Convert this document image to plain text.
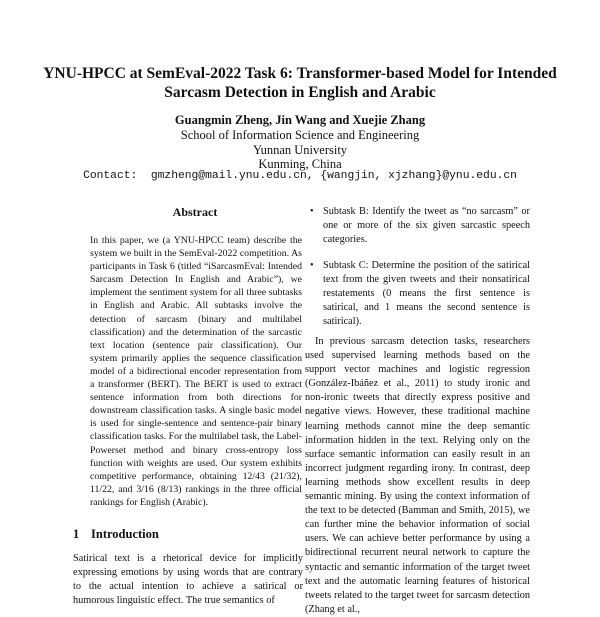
YNU-HPCC at SemEval-2022 Task 6: Transformer-based Model for Intended Sarcasm Detection in English and Arabic
Guangmin Zheng, Jin Wang and Xuejie Zhang
School of Information Science and Engineering
Yunnan University
Kunming, China
Contact:  gmzheng@mail.ynu.edu.cn, {wangjin, xjzhang}@ynu.edu.cn
Abstract

In this paper, we (a YNU-HPCC team) describe the system we built in the SemEval-2022 competition. As participants in Task 6 (titled “iSarcasmEval: Intended Sarcasm Detection In English and Arabic”), we implement the sentiment system for all three subtasks in English and Arabic. All subtasks involve the detection of sarcasm (binary and multilabel classification) and the determination of the sarcastic text location (sentence pair classification). Our system primarily applies the sequence classification model of a bidirectional encoder representation from a transformer (BERT). The BERT is used to extract sentence information from both directions for downstream classification tasks. A single basic model is used for single-sentence and sentence-pair binary classification tasks. For the multilabel task, the Label-Powerset method and binary cross-entropy loss function with weights are used. Our system exhibits competitive performance, obtaining 12/43 (21/32), 11/22, and 3/16 (8/13) rankings in the three official rankings for English (Arabic).

1 Introduction

Satirical text is a rhetorical device for implicitly expressing emotions by using words that are contrary to the actual intention to achieve a satirical or humorous linguistic effect. The true semantics of

• Subtask B: Identify the tweet as “no sarcasm” or one or more of the six given sarcastic speech categories.
• Subtask C: Determine the position of the satirical text from the given tweets and their nonsatirical restatements (0 means the first sentence is satirical, and 1 means the second sentence is satirical).

In previous sarcasm detection tasks, researchers used supervised learning methods based on the support vector machines and logistic regression (González-Ibáñez et al., 2011) to study ironic and non-ironic tweets that directly express positive and negative views. However, these traditional machine learning methods cannot mine the deep semantic information hidden in the text. Relying only on the surface semantic information can easily result in an incorrect judgment regarding irony. In contrast, deep learning methods show excellent results in deep semantic mining. By using the context information of the text to be detected (Bamman and Smith, 2015), we can further mine the behavior information of social users. We can achieve better performance by using a bidirectional recurrent neural network to capture the syntactic and semantic information of the target tweet text and the automatic learning features of historical tweets related to the target tweet for sarcasm detection (Zhang et al.,
